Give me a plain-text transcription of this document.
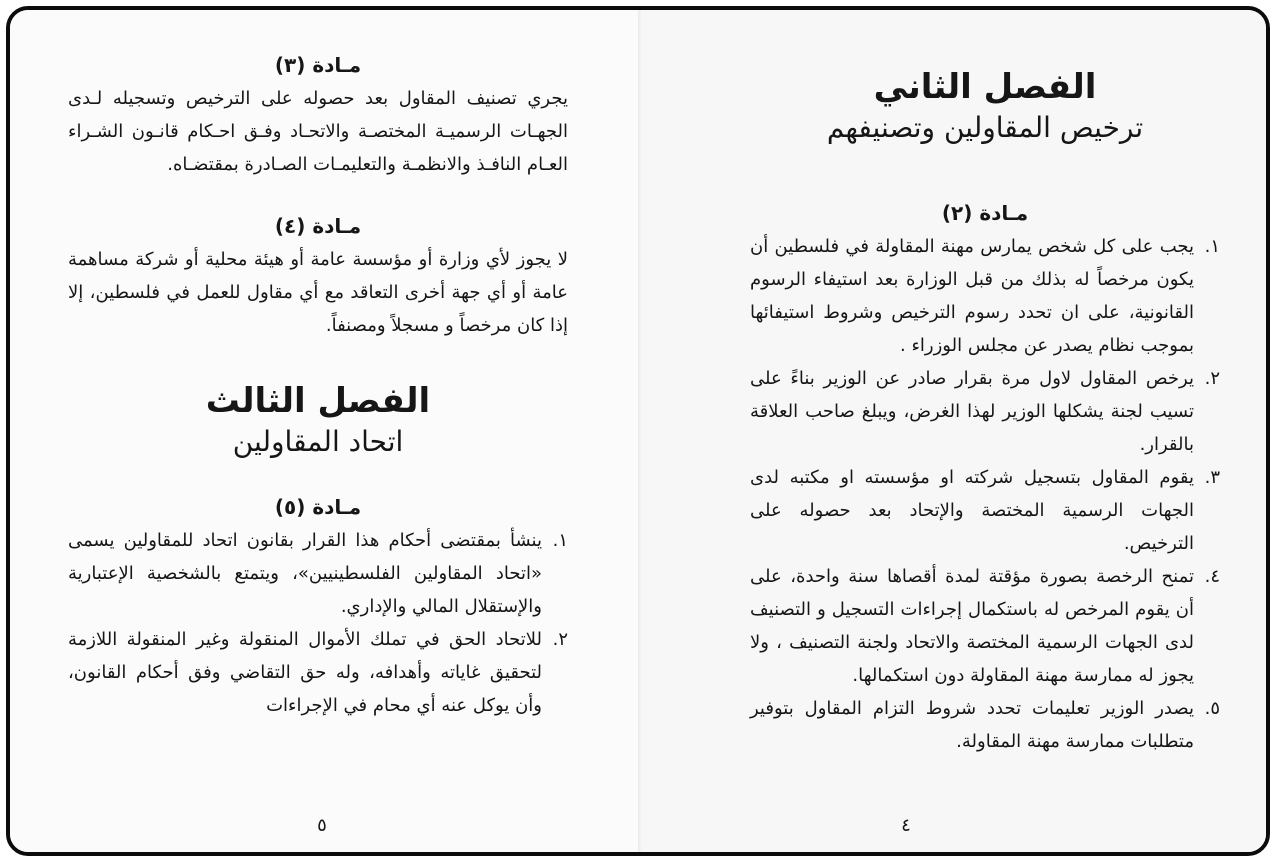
مـادة (٣)

يجري تصنيف المقاول بعد حصوله على الترخيص وتسجيله لـدى الجهـات الرسميـة المختصـة والاتحـاد وفـق احـكام قانـون الشـراء العـام النافـذ والانظمـة والتعليمـات الصـادرة بمقتضـاه.

مـادة (٤)

لا يجوز لأي وزارة أو مؤسسة عامة أو هيئة محلية أو شركة مساهمة عامة أو أي جهة أخرى التعاقد مع أي مقاول للعمل في فلسطين، إلا إذا كان مرخصاً و مسجلاً ومصنفاً.

الفصل الثالث
اتحاد المقاولين
مـادة (٥)
١.
ينشأ بمقتضى أحكام هذا القرار بقانون اتحاد للمقاولين يسمى «اتحاد المقاولين الفلسطينيين»، ويتمتع بالشخصية الإعتبارية والإستقلال المالي والإداري.
٢.
للاتحاد الحق في تملك الأموال المنقولة وغير المنقولة اللازمة لتحقيق غاياته وأهدافه، وله حق التقاضي وفق أحكام القانون، وأن يوكل عنه أي محام في الإجراءات
٥
الفصل الثاني
ترخيص المقاولين وتصنيفهم
مـادة (٢)
١.
يجب على كل شخص يمارس مهنة المقاولة في فلسطين أن يكون مرخصاً له بذلك من قبل الوزارة بعد استيفاء الرسوم القانونية، على ان تحدد رسوم الترخيص وشروط استيفائها بموجب نظام يصدر عن مجلس الوزراء .
٢.
يرخص المقاول لاول مرة بقرار صادر عن الوزير بناءً على تسيب لجنة يشكلها الوزير لهذا الغرض، ويبلغ صاحب العلاقة بالقرار.
٣.
يقوم المقاول بتسجيل شركته او مؤسسته او مكتبه لدى الجهات الرسمية المختصة والإتحاد بعد حصوله على الترخيص.
٤.
تمنح الرخصة بصورة مؤقتة لمدة أقصاها سنة واحدة، على أن يقوم المرخص له باستكمال إجراءات التسجيل و التصنيف لدى الجهات الرسمية المختصة والاتحاد ولجنة التصنيف ، ولا يجوز له ممارسة مهنة المقاولة دون استكمالها.
٥.
يصدر الوزير تعليمات تحدد شروط التزام المقاول بتوفير متطلبات ممارسة مهنة المقاولة.
٤
